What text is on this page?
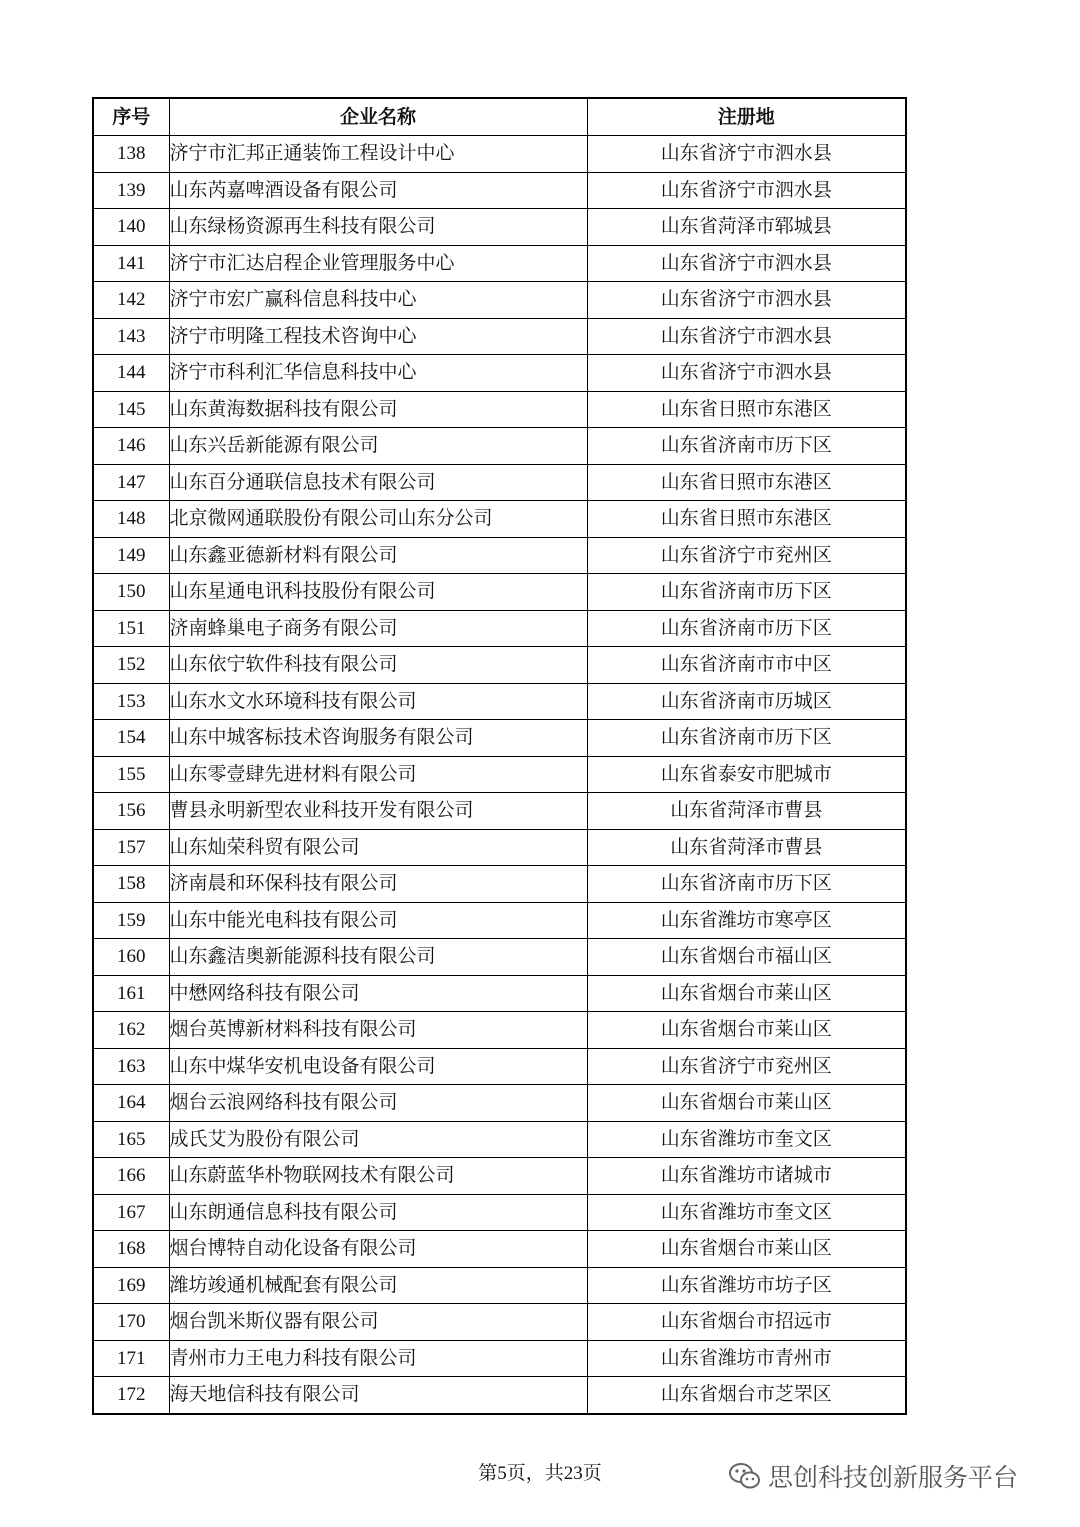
序号	企业名称	注册地
138	济宁市汇邦正通装饰工程设计中心	山东省济宁市泗水县
139	山东芮嘉啤酒设备有限公司	山东省济宁市泗水县
140	山东绿杨资源再生科技有限公司	山东省菏泽市郓城县
141	济宁市汇达启程企业管理服务中心	山东省济宁市泗水县
142	济宁市宏广赢科信息科技中心	山东省济宁市泗水县
143	济宁市明隆工程技术咨询中心	山东省济宁市泗水县
144	济宁市科利汇华信息科技中心	山东省济宁市泗水县
145	山东黄海数据科技有限公司	山东省日照市东港区
146	山东兴岳新能源有限公司	山东省济南市历下区
147	山东百分通联信息技术有限公司	山东省日照市东港区
148	北京微网通联股份有限公司山东分公司	山东省日照市东港区
149	山东鑫亚德新材料有限公司	山东省济宁市兖州区
150	山东星通电讯科技股份有限公司	山东省济南市历下区
151	济南蜂巢电子商务有限公司	山东省济南市历下区
152	山东依宁软件科技有限公司	山东省济南市市中区
153	山东水文水环境科技有限公司	山东省济南市历城区
154	山东中城客标技术咨询服务有限公司	山东省济南市历下区
155	山东零壹肆先进材料有限公司	山东省泰安市肥城市
156	曹县永明新型农业科技开发有限公司	山东省菏泽市曹县
157	山东灿荣科贸有限公司	山东省菏泽市曹县
158	济南晨和环保科技有限公司	山东省济南市历下区
159	山东中能光电科技有限公司	山东省潍坊市寒亭区
160	山东鑫洁奥新能源科技有限公司	山东省烟台市福山区
161	中懋网络科技有限公司	山东省烟台市莱山区
162	烟台英博新材料科技有限公司	山东省烟台市莱山区
163	山东中煤华安机电设备有限公司	山东省济宁市兖州区
164	烟台云浪网络科技有限公司	山东省烟台市莱山区
165	成氏艾为股份有限公司	山东省潍坊市奎文区
166	山东蔚蓝华朴物联网技术有限公司	山东省潍坊市诸城市
167	山东朗通信息科技有限公司	山东省潍坊市奎文区
168	烟台博特自动化设备有限公司	山东省烟台市莱山区
169	潍坊竣通机械配套有限公司	山东省潍坊市坊子区
170	烟台凯米斯仪器有限公司	山东省烟台市招远市
171	青州市力王电力科技有限公司	山东省潍坊市青州市
172	海天地信科技有限公司	山东省烟台市芝罘区
第5页，共23页	思创科技创新服务平台
